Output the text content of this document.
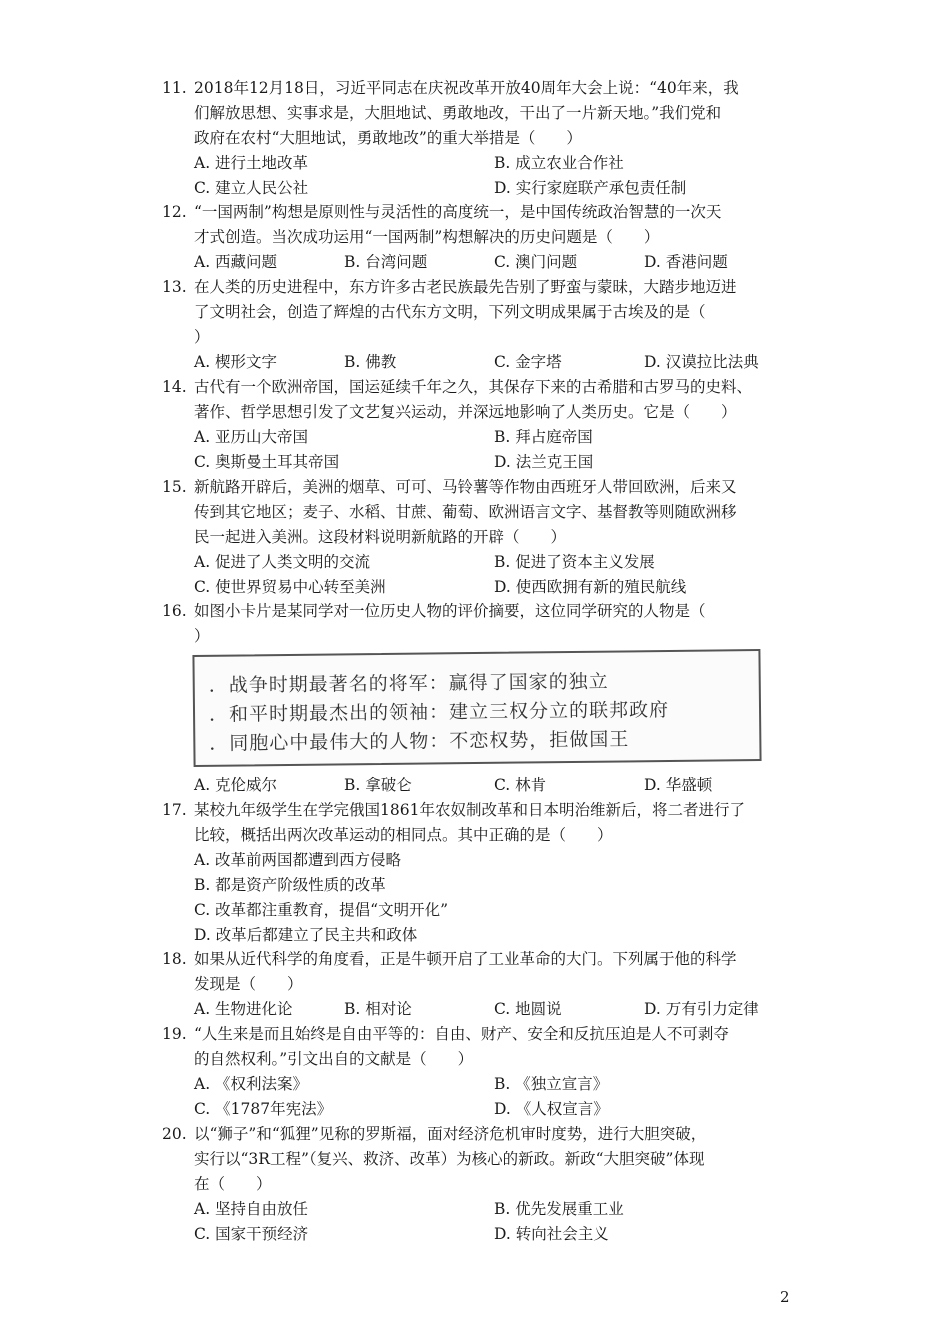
11. 2018年12月18日，习近平同志在庆祝改革开放40周年大会上说：“40年来，我
们解放思想、实事求是，大胆地试、勇敢地改，干出了一片新天地。”我们党和
政府在农村“大胆地试，勇敢地改”的重大举措是（　　）
A. 进行土地改革	B. 成立农业合作社
C. 建立人民公社	D. 实行家庭联产承包责任制
12. “一国两制”构想是原则性与灵活性的高度统一，是中国传统政治智慧的一次天
才式创造。当次成功运用“一国两制”构想解决的历史问题是（　　）
A. 西藏问题	B. 台湾问题	C. 澳门问题	D. 香港问题
13. 在人类的历史进程中，东方许多古老民族最先告别了野蛮与蒙昧，大踏步地迈进
了文明社会，创造了辉煌的古代东方文明，下列文明成果属于古埃及的是（
）
A. 楔形文字	B. 佛教	C. 金字塔	D. 汉谟拉比法典
14. 古代有一个欧洲帝国，国运延续千年之久，其保存下来的古希腊和古罗马的史料、
著作、哲学思想引发了文艺复兴运动，并深远地影响了人类历史。它是（　　）
A. 亚历山大帝国	B. 拜占庭帝国
C. 奥斯曼土耳其帝国	D. 法兰克王国
15. 新航路开辟后，美洲的烟草、可可、马铃薯等作物由西班牙人带回欧洲，后来又
传到其它地区；麦子、水稻、甘蔗、葡萄、欧洲语言文字、基督教等则随欧洲移
民一起进入美洲。这段材料说明新航路的开辟（　　）
A. 促进了人类文明的交流	B. 促进了资本主义发展
C. 使世界贸易中心转至美洲	D. 使西欧拥有新的殖民航线
16. 如图小卡片是某同学对一位历史人物的评价摘要，这位同学研究的人物是（
）
．战争时期最著名的将军：赢得了国家的独立
．和平时期最杰出的领袖：建立三权分立的联邦政府
．同胞心中最伟大的人物：不恋权势，拒做国王
A. 克伦威尔	B. 拿破仑	C. 林肯	D. 华盛顿
17. 某校九年级学生在学完俄国1861年农奴制改革和日本明治维新后，将二者进行了
比较，概括出两次改革运动的相同点。其中正确的是（　　）
A. 改革前两国都遭到西方侵略
B. 都是资产阶级性质的改革
C. 改革都注重教育，提倡“文明开化”
D. 改革后都建立了民主共和政体
18. 如果从近代科学的角度看，正是牛顿开启了工业革命的大门。下列属于他的科学
发现是（　　）
A. 生物进化论	B. 相对论	C. 地圆说	D. 万有引力定律
19. “人生来是而且始终是自由平等的：自由、财产、安全和反抗压迫是人不可剥夺
的自然权利。”引文出自的文献是（　　）
A. 《权利法案》	B. 《独立宣言》
C. 《1787年宪法》	D. 《人权宣言》
20. 以“狮子”和“狐狸”见称的罗斯福，面对经济危机审时度势，进行大胆突破，
实行以“3R工程”（复兴、救济、改革）为核心的新政。新政“大胆突破”体现
在（　　）
A. 坚持自由放任	B. 优先发展重工业
C. 国家干预经济	D. 转向社会主义
2
